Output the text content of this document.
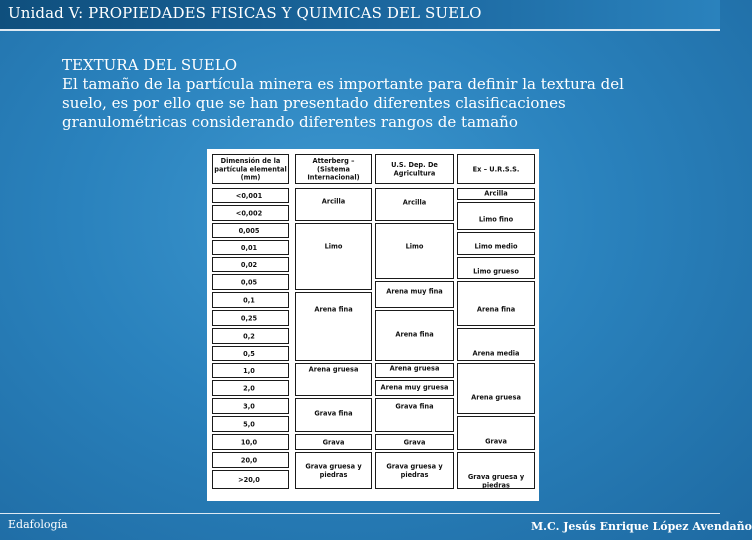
Unidad V: PROPIEDADES FISICAS Y QUIMICAS DEL SUELO
TEXTURA DEL SUELO
El tamaño de la partícula minera es importante para definir la textura del suelo, es por ello que se han presentado diferentes clasificaciones granulométricas considerando diferentes rangos de tamaño
Dimensión de la
partícula elemental
(mm)
Atterberg –
(Sistema
Internacional)
U.S. Dep. De
Agricultura
Ex – U.R.S.S.
<0,001
<0,002
0,005
0,01
0,02
0,05
0,1
0,25
0,2
0,5
1,0
2,0
3,0
5,0
10,0
20,0
>20,0
Arcilla
Limo
Arena fina
Arena gruesa
Grava fina
Grava
Grava gruesa y
piedras
Arcilla
Limo
Arena muy fina
Arena fina
Arena gruesa
Arena muy gruesa
Grava fina
Grava
Grava gruesa y
piedras
Arcilla
Limo fino
Limo medio
Limo grueso
Arena fina
Arena media
Arena gruesa
Grava
Grava gruesa y
piedras
Edafología	M.C. Jesús Enrique López Avendaño
